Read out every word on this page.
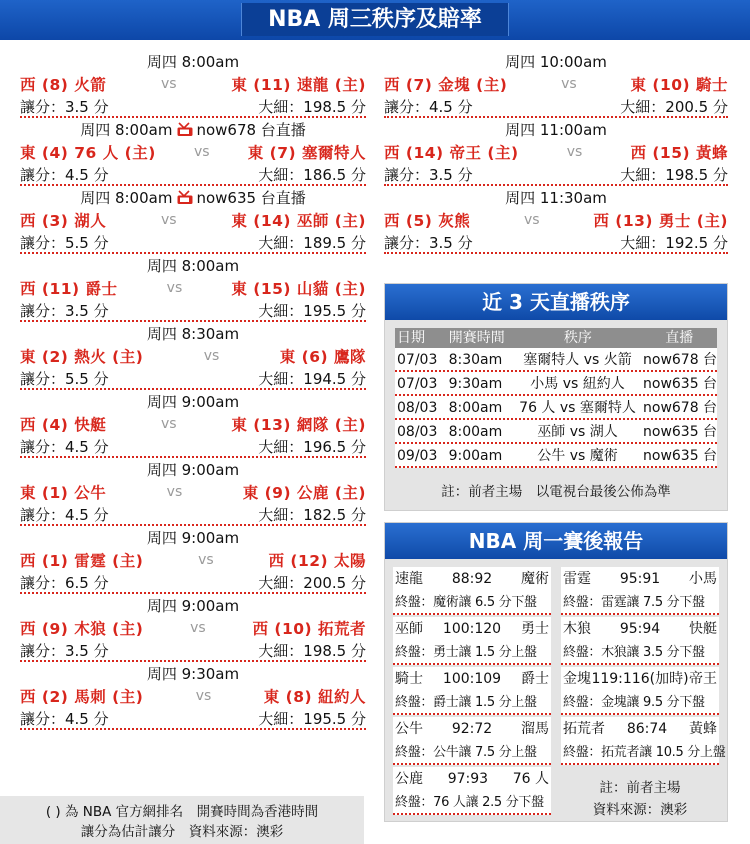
NBA 周三秩序及賠率
周四 8:00am
西 (8) 火箭	vs	東 (11) 速龍 (主)
讓分：3.5 分	大細：198.5 分
周四 8:00am now678 台直播
東 (4) 76 人 (主)	vs	東 (7) 塞爾特人
讓分：4.5 分	大細：186.5 分
周四 8:00am now635 台直播
西 (3) 湖人	vs	東 (14) 巫師 (主)
讓分：5.5 分	大細：189.5 分
周四 8:00am
西 (11) 爵士	vs	東 (15) 山貓 (主)
讓分：3.5 分	大細：195.5 分
周四 8:30am
東 (2) 熱火 (主)	vs	東 (6) 鷹隊
讓分：5.5 分	大細：194.5 分
周四 9:00am
西 (4) 快艇	vs	東 (13) 網隊 (主)
讓分：4.5 分	大細：196.5 分
周四 9:00am
東 (1) 公牛	vs	東 (9) 公鹿 (主)
讓分：4.5 分	大細：182.5 分
周四 9:00am
西 (1) 雷霆 (主)	vs	西 (12) 太陽
讓分：6.5 分	大細：200.5 分
周四 9:00am
西 (9) 木狼 (主)	vs	西 (10) 拓荒者
讓分：3.5 分	大細：198.5 分
周四 9:30am
西 (2) 馬刺 (主)	vs	東 (8) 紐約人
讓分：4.5 分	大細：195.5 分
周四 10:00am
西 (7) 金塊 (主)	vs	東 (10) 騎士
讓分：4.5 分	大細：200.5 分
周四 11:00am
西 (14) 帝王 (主)	vs	西 (15) 黃蜂
讓分：3.5 分	大細：198.5 分
周四 11:30am
西 (5) 灰熊	vs	西 (13) 勇士 (主)
讓分：3.5 分	大細：192.5 分
( ) 為 NBA 官方網排名　開賽時間為香港時間
讓分為估計讓分　資料來源：澳彩
近 3 天直播秩序
日期	開賽時間	秩序	直播
07/03 8:30am	塞爾特人 vs 火箭 now678 台
07/03 9:30am	小馬 vs 紐約人	now635 台
08/03 8:00am	76 人 vs 塞爾特人 now678 台
08/03 8:00am	巫師 vs 湖人	now635 台
09/03 9:00am	公牛 vs 魔術	now635 台
註：前者主場　以電視台最後公佈為準
NBA 周一賽後報告
速龍 88:92 魔術
終盤：魔術讓 6.5 分下盤
巫師 100:120 勇士
終盤：勇士讓 1.5 分上盤
騎士 100:109 爵士
終盤：爵士讓 1.5 分上盤
公牛 92:72 溜馬
終盤：公牛讓 7.5 分上盤
公鹿 97:93 76 人
終盤：76 人讓 2.5 分下盤
雷霆 95:91 小馬
終盤：雷霆讓 7.5 分下盤
木狼 95:94 快艇
終盤：木狼讓 3.5 分下盤
金塊 119:116(加時) 帝王
終盤：金塊讓 9.5 分下盤
拓荒者 86:74 黃蜂
終盤：拓荒者讓 10.5 分上盤
註：前者主場
資料來源：澳彩
